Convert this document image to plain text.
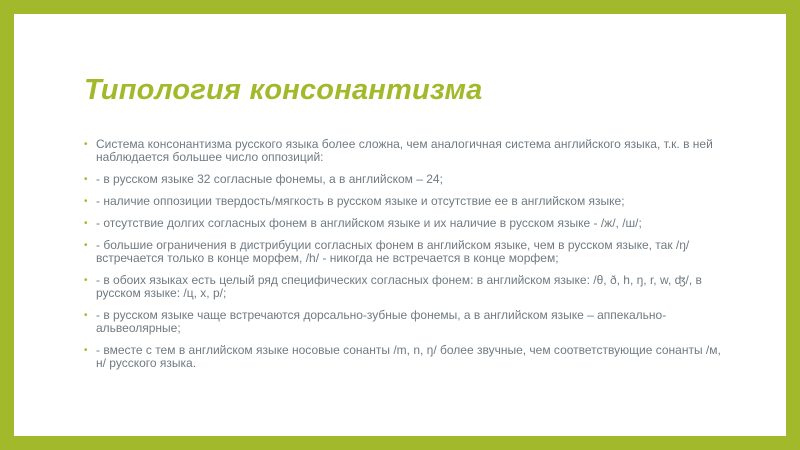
Типология консонантизма
• Система консонантизма русского языка более сложна, чем аналогичная система английского языка, т.к. в ней наблюдается большее число оппозиций:
• - в русском языке 32 согласные фонемы, а в английском – 24;
• - наличие оппозиции твердость/мягкость в русском языке и отсутствие ее в английском языке;
• - отсутствие долгих согласных фонем в английском языке и их наличие в русском языке - /ж/, /ш/;
• - большие ограничения в дистрибуции согласных фонем в английском языке, чем в русском языке, так /ŋ/ встречается только в конце морфем, /h/ - никогда не встречается в конце морфем;
• - в обоих языках есть целый ряд специфических согласных фонем: в английском языке: /θ, ð, h, ŋ, r, w, ʤ/, в русском языке: /ц, х, р/;
• - в русском языке чаще встречаются дорсально-зубные фонемы, а в английском языке – аппекально-альвеолярные;
• - вместе с тем в английском языке носовые сонанты /m, n, ŋ/ более звучные, чем соответствующие сонанты /м, н/ русского языка.
